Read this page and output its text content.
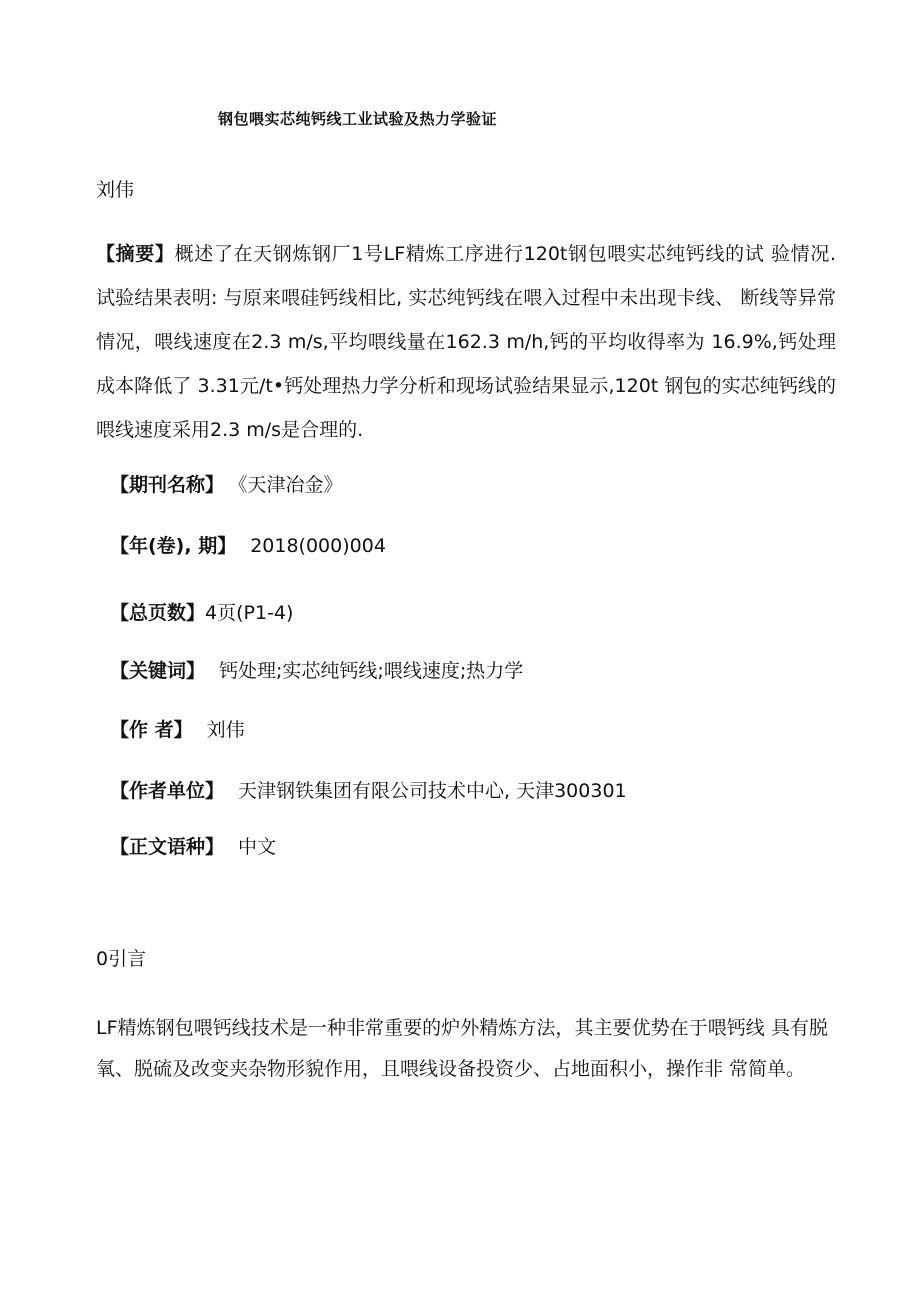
钢包喂实芯纯钙线工业试验及热力学验证
刘伟
【摘要】概述了在天钢炼钢厂1号LF精炼工序进行120t钢包喂实芯纯钙线的试 验情况. 试验结果表明: 与原来喂硅钙线相比, 实芯纯钙线在喂入过程中未出现卡线、 断线等异常情况，喂线速度在2.3 m/s,平均喂线量在162.3 m/h,钙的平均收得率为 16.9%,钙处理成本降低了 3.31元/t•钙处理热力学分析和现场试验结果显示,120t 钢包的实芯纯钙线的喂线速度采用2.3 m/s是合理的.
【期刊名称】 《天津冶金》
【年(卷), 期】 2018(000)004
【总页数】4页(P1-4)
【关键词】 钙处理;实芯纯钙线;喂线速度;热力学
【作 者】 刘伟
【作者单位】 天津钢铁集团有限公司技术中心, 天津300301
【正文语种】 中文
0引言
LF精炼钢包喂钙线技术是一种非常重要的炉外精炼方法，其主要优势在于喂钙线 具有脱氧、脱硫及改变夹杂物形貌作用，且喂线设备投资少、占地面积小，操作非 常简单。
